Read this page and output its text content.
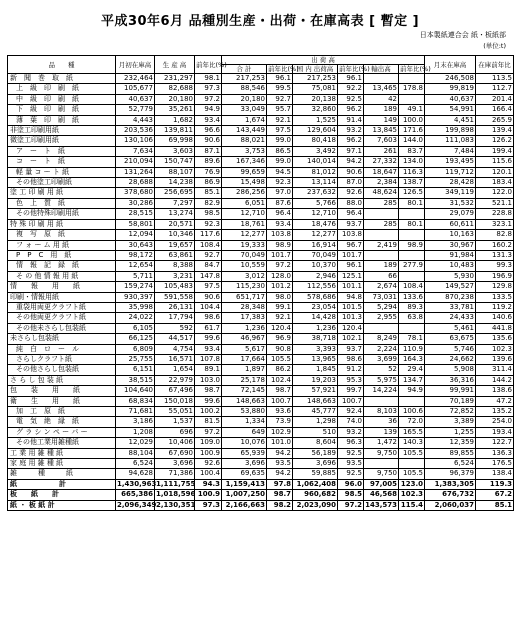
平成30年6月 品種別生産・出荷・在庫高表 [ 暫定 ]
日本製紙連合会 紙・板紙部
(単位:t)
品　　種	月初在庫高	生 産 高	前年比(%)	出 荷 高						月末在庫高	在庫前年比
				合 計	前年比(%)	国 内 出荷高	前年比(%)	輸出高	前年比(%)		
新　聞　巻　取　紙	232,464	231,297	98.1	217,253	96.1	217,253	96.1			246,508	113.5
上　級　印　刷　紙	105,677	82,688	97.3	88,546	99.5	75,081	92.2	13,465	178.8	99,819	112.7
中　級　印　刷　紙	40,637	20,180	97.2	20,180	92.7	20,138	92.5	42		40,637	201.4
下　級　印　刷　紙	52,779	35,261	94.9	33,049	95.7	32,860	96.2	189	49.1	54,991	166.4
薄　葉　印　刷　紙	4,443	1,682	93.4	1,674	92.1	1,525	91.4	149	100.0	4,451	265.9
非塗工印刷用紙	203,536	139,811	96.6	143,449	97.5	129,604	93.2	13,845	171.6	199,898	139.4
微塗工印刷用紙	130,106	69,998	90.6	88,021	99.0	80,418	96.2	7,603	144.0	111,083	126.2
ア　ー　ト　紙	7,634	3,603	87.1	3,753	86.5	3,492	97.1	261	83.7	7,484	199.4
コ　ー　ト　紙	210,094	150,747	89.6	167,346	99.0	140,014	94.2	27,332	134.0	193,495	115.6
軽 量 コ ー ト 紙	131,264	88,107	76.9	99,659	94.5	81,012	90.6	18,647	116.3	119,712	120.1
その他塗工印刷紙	28,688	14,238	86.9	15,498	92.3	13,114	87.0	2,384	138.7	28,428	183.4
塗 工 印 刷 用 紙	378,680	256,695	85.1	286,256	97.0	237,632	92.6	48,624	126.5	349,119	122.0
色　上　質　紙	30,286	7,297	82.9	6,051	87.6	5,766	88.0	285	80.1	31,532	521.1
その他特殊印刷用紙	28,515	13,274	98.5	12,710	96.4	12,710	96.4			29,079	228.8
特 殊 印 刷 用 紙	58,801	20,571	92.3	18,761	93.4	18,476	93.7	285	80.1	60,611	323.1
複　写　原　紙	12,094	10,346	117.6	12,277	103.8	12,277	103.8			10,163	82.8
フ ォ ー ム 用 紙	30,643	19,657	108.4	19,333	98.9	16,914	96.7	2,419	98.9	30,967	160.2
P　P　C　用　紙	98,172	63,861	92.7	70,049	101.7	70,049	101.7			91,984	131.3
情　報　記　録　紙	12,654	8,388	84.7	10,559	97.2	10,370	96.1	189	277.9	10,483	99.3
そ の 他 情 報 用 紙	5,711	3,231	147.8	3,012	128.0	2,946	125.1	66		5,930	196.9
情　　報　　用　　紙	159,274	105,483	97.5	115,230	101.2	112,556	101.1	2,674	108.4	149,527	129.8
印刷・情報用紙	930,397	591,558	90.6	651,717	98.0	578,686	94.8	73,031	133.6	870,238	133.5
重袋用両更クラフト紙	35,998	26,131	104.4	28,348	99.1	23,054	101.5	5,294	89.3	33,781	119.2
その他両更クラフト紙	24,022	17,794	98.6	17,383	92.1	14,428	101.3	2,955	63.8	24,433	140.6
その他未さらし包装紙	6,105	592	61.7	1,236	120.4	1,236	120.4			5,461	441.8
未さらし包装紙	66,125	44,517	99.6	46,967	96.9	38,718	102.1	8,249	78.1	63,675	135.6
純　白　ロ　ー　ル	6,809	4,754	93.4	5,617	90.8	3,393	93.7	2,224	110.9	5,746	102.3
さらしクラフト紙	25,755	16,571	107.8	17,664	105.5	13,965	98.6	3,699	164.3	24,662	139.6
その他さらし包装紙	6,151	1,654	89.1	1,897	86.2	1,845	91.2	52	29.4	5,908	311.4
さ ら し 包 装 紙	38,515	22,979	103.0	25,178	102.4	19,203	95.3	5,975	134.7	36,316	144.2
包　　装　　用　　紙	104,640	67,496	98.7	72,145	98.7	57,921	99.7	14,224	94.9	99,991	138.6
衛　　生　　用　　紙	68,834	150,018	99.6	148,663	100.7	148,663	100.7			70,189	47.2
加　工　原　紙	71,681	55,051	100.2	53,880	93.6	45,777	92.4	8,103	100.6	72,852	135.2
電　気　絶　縁　紙	3,186	1,537	81.5	1,334	73.9	1,298	74.0	36	72.0	3,389	254.0
グ ラ シ ン ペ ー パ ー	1,208	696	97.2	649	102.9	510	93.2	139	165.5	1,255	193.4
その他工業用雑種紙	12,029	10,406	109.0	10,076	101.0	8,604	96.3	1,472	140.3	12,359	122.7
工 業 用 雑 種 紙	88,104	67,690	100.9	65,939	94.2	56,189	92.5	9,750	105.5	89,855	136.3
家 庭 用 雑 種 紙	6,524	3,696	92.6	3,696	93.5	3,696	93.5			6,524	176.5
雑　　　種　　　紙	94,628	71,386	100.4	69,635	94.2	59,885	92.5	9,750	105.5	96,379	138.4
紙　　　　　　計	1,430,963	1,111,755	94.3	1,159,413	97.8	1,062,408	96.0	97,005	123.0	1,383,305	119.3
板　　紙　　計	665,386	1,018,596	100.9	1,007,250	98.7	960,682	98.5	46,568	102.3	676,732	67.2
紙 ・ 板 紙 計	2,096,349	2,130,351	97.3	2,166,663	98.2	2,023,090	97.2	143,573	115.4	2,060,037	85.1
